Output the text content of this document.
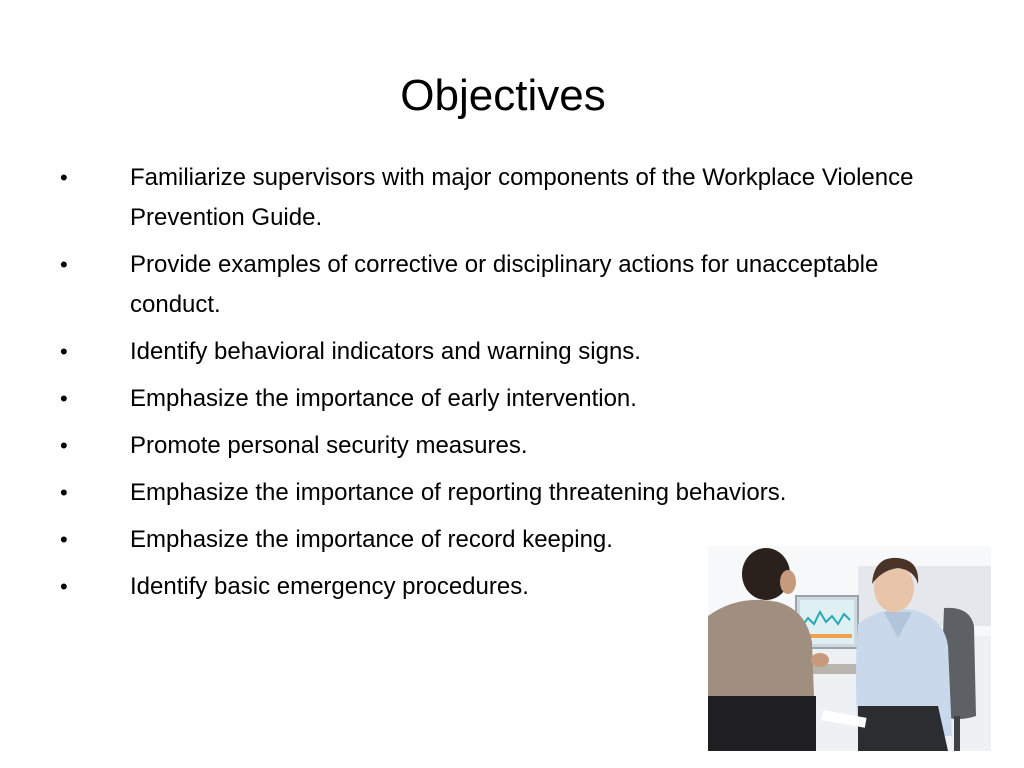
Objectives
•	Familiarize supervisors with major components of the Workplace Violence Prevention Guide.
•	Provide examples of corrective or disciplinary actions for unacceptable conduct.
•	Identify behavioral indicators and warning signs.
•	Emphasize the importance of early intervention.
•	Promote personal security measures.
•	Emphasize the importance of reporting threatening behaviors.
•	Emphasize the importance of record keeping.
•	Identify basic emergency procedures.
